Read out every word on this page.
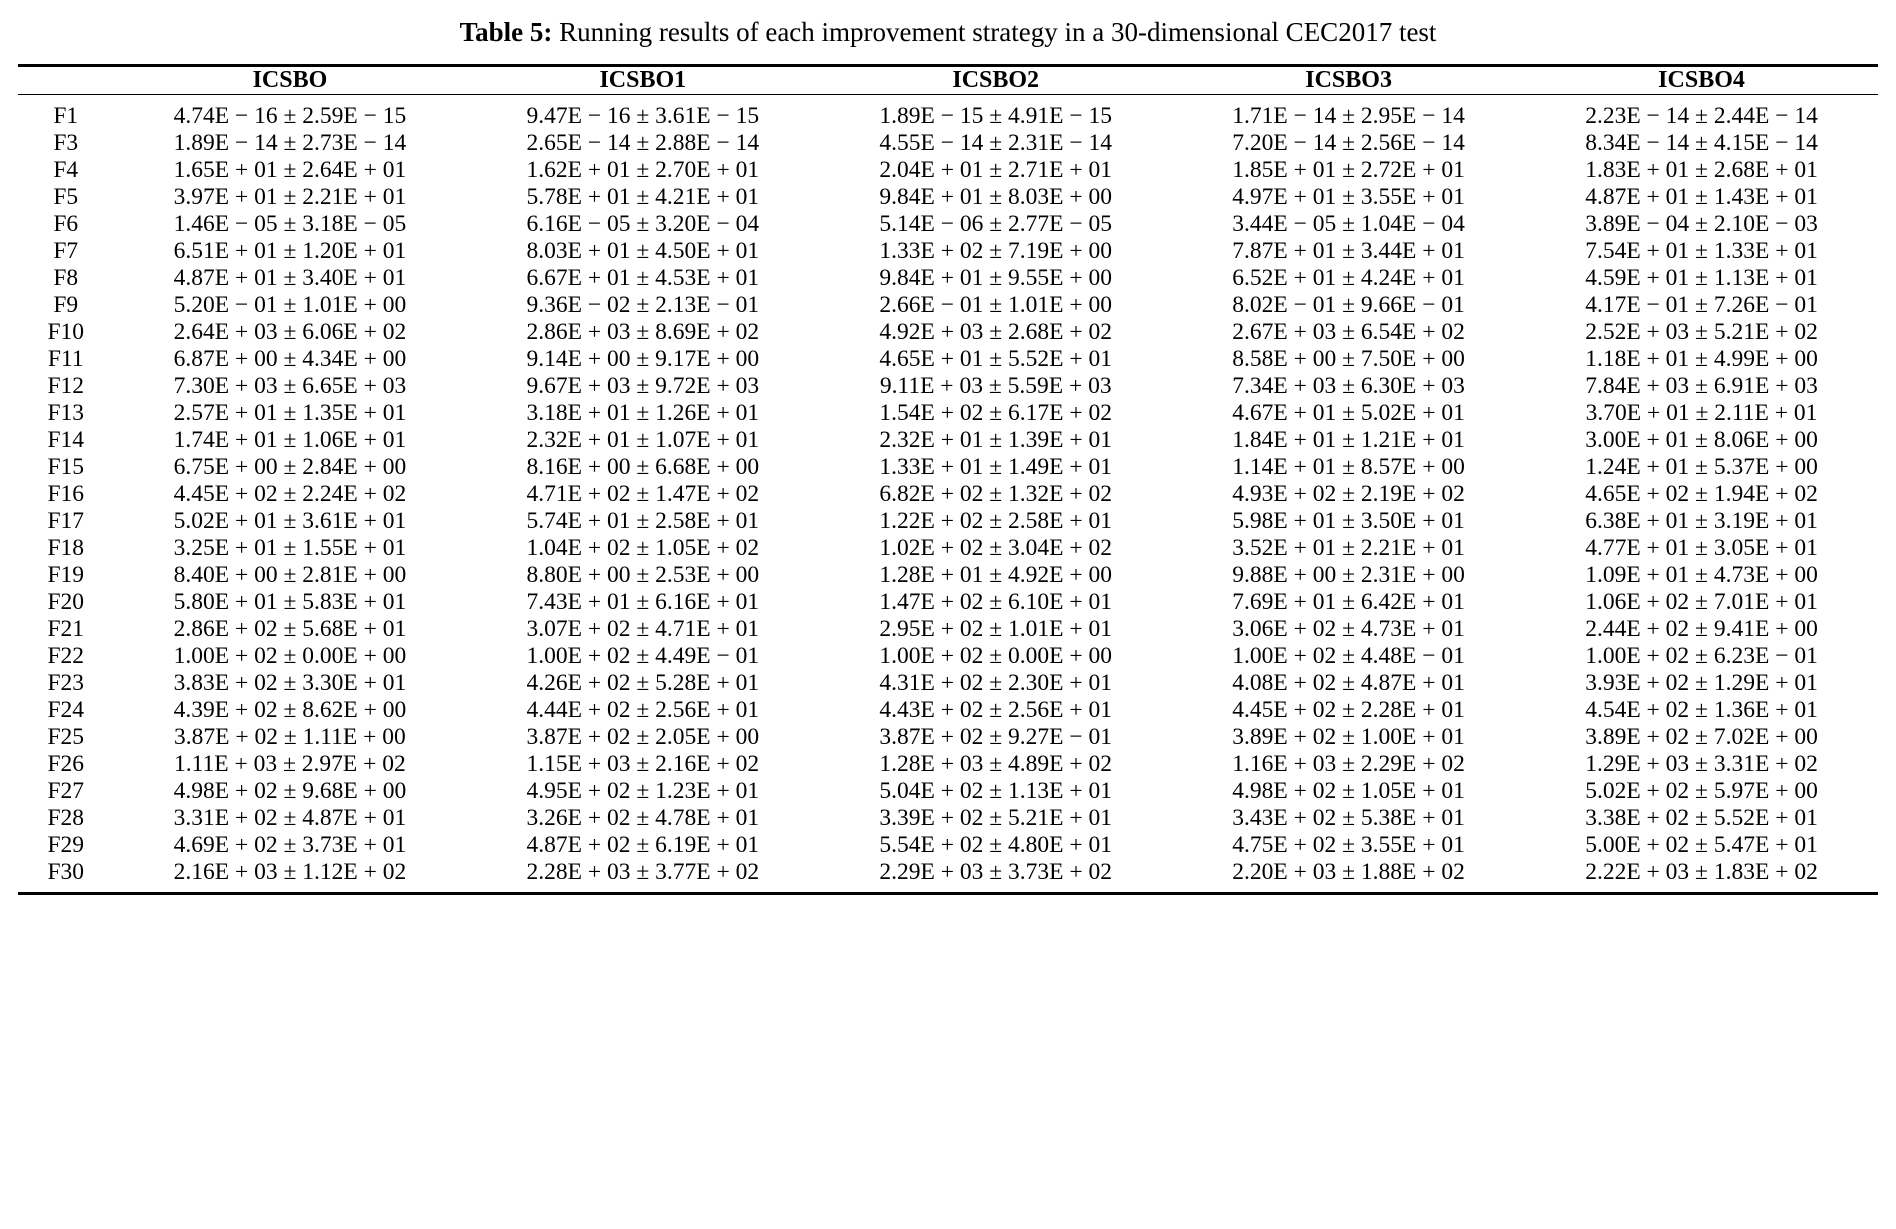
Table 5: Running results of each improvement strategy in a 30-dimensional CEC2017 test

	ICSBO	ICSBO1	ICSBO2	ICSBO3	ICSBO4

F1	4.74E − 16 ± 2.59E − 15	9.47E − 16 ± 3.61E − 15	1.89E − 15 ± 4.91E − 15	1.71E − 14 ± 2.95E − 14	2.23E − 14 ± 2.44E − 14
F3	1.89E − 14 ± 2.73E − 14	2.65E − 14 ± 2.88E − 14	4.55E − 14 ± 2.31E − 14	7.20E − 14 ± 2.56E − 14	8.34E − 14 ± 4.15E − 14
F4	1.65E + 01 ± 2.64E + 01	1.62E + 01 ± 2.70E + 01	2.04E + 01 ± 2.71E + 01	1.85E + 01 ± 2.72E + 01	1.83E + 01 ± 2.68E + 01
F5	3.97E + 01 ± 2.21E + 01	5.78E + 01 ± 4.21E + 01	9.84E + 01 ± 8.03E + 00	4.97E + 01 ± 3.55E + 01	4.87E + 01 ± 1.43E + 01
F6	1.46E − 05 ± 3.18E − 05	6.16E − 05 ± 3.20E − 04	5.14E − 06 ± 2.77E − 05	3.44E − 05 ± 1.04E − 04	3.89E − 04 ± 2.10E − 03
F7	6.51E + 01 ± 1.20E + 01	8.03E + 01 ± 4.50E + 01	1.33E + 02 ± 7.19E + 00	7.87E + 01 ± 3.44E + 01	7.54E + 01 ± 1.33E + 01
F8	4.87E + 01 ± 3.40E + 01	6.67E + 01 ± 4.53E + 01	9.84E + 01 ± 9.55E + 00	6.52E + 01 ± 4.24E + 01	4.59E + 01 ± 1.13E + 01
F9	5.20E − 01 ± 1.01E + 00	9.36E − 02 ± 2.13E − 01	2.66E − 01 ± 1.01E + 00	8.02E − 01 ± 9.66E − 01	4.17E − 01 ± 7.26E − 01
F10	2.64E + 03 ± 6.06E + 02	2.86E + 03 ± 8.69E + 02	4.92E + 03 ± 2.68E + 02	2.67E + 03 ± 6.54E + 02	2.52E + 03 ± 5.21E + 02
F11	6.87E + 00 ± 4.34E + 00	9.14E + 00 ± 9.17E + 00	4.65E + 01 ± 5.52E + 01	8.58E + 00 ± 7.50E + 00	1.18E + 01 ± 4.99E + 00
F12	7.30E + 03 ± 6.65E + 03	9.67E + 03 ± 9.72E + 03	9.11E + 03 ± 5.59E + 03	7.34E + 03 ± 6.30E + 03	7.84E + 03 ± 6.91E + 03
F13	2.57E + 01 ± 1.35E + 01	3.18E + 01 ± 1.26E + 01	1.54E + 02 ± 6.17E + 02	4.67E + 01 ± 5.02E + 01	3.70E + 01 ± 2.11E + 01
F14	1.74E + 01 ± 1.06E + 01	2.32E + 01 ± 1.07E + 01	2.32E + 01 ± 1.39E + 01	1.84E + 01 ± 1.21E + 01	3.00E + 01 ± 8.06E + 00
F15	6.75E + 00 ± 2.84E + 00	8.16E + 00 ± 6.68E + 00	1.33E + 01 ± 1.49E + 01	1.14E + 01 ± 8.57E + 00	1.24E + 01 ± 5.37E + 00
F16	4.45E + 02 ± 2.24E + 02	4.71E + 02 ± 1.47E + 02	6.82E + 02 ± 1.32E + 02	4.93E + 02 ± 2.19E + 02	4.65E + 02 ± 1.94E + 02
F17	5.02E + 01 ± 3.61E + 01	5.74E + 01 ± 2.58E + 01	1.22E + 02 ± 2.58E + 01	5.98E + 01 ± 3.50E + 01	6.38E + 01 ± 3.19E + 01
F18	3.25E + 01 ± 1.55E + 01	1.04E + 02 ± 1.05E + 02	1.02E + 02 ± 3.04E + 02	3.52E + 01 ± 2.21E + 01	4.77E + 01 ± 3.05E + 01
F19	8.40E + 00 ± 2.81E + 00	8.80E + 00 ± 2.53E + 00	1.28E + 01 ± 4.92E + 00	9.88E + 00 ± 2.31E + 00	1.09E + 01 ± 4.73E + 00
F20	5.80E + 01 ± 5.83E + 01	7.43E + 01 ± 6.16E + 01	1.47E + 02 ± 6.10E + 01	7.69E + 01 ± 6.42E + 01	1.06E + 02 ± 7.01E + 01
F21	2.86E + 02 ± 5.68E + 01	3.07E + 02 ± 4.71E + 01	2.95E + 02 ± 1.01E + 01	3.06E + 02 ± 4.73E + 01	2.44E + 02 ± 9.41E + 00
F22	1.00E + 02 ± 0.00E + 00	1.00E + 02 ± 4.49E − 01	1.00E + 02 ± 0.00E + 00	1.00E + 02 ± 4.48E − 01	1.00E + 02 ± 6.23E − 01
F23	3.83E + 02 ± 3.30E + 01	4.26E + 02 ± 5.28E + 01	4.31E + 02 ± 2.30E + 01	4.08E + 02 ± 4.87E + 01	3.93E + 02 ± 1.29E + 01
F24	4.39E + 02 ± 8.62E + 00	4.44E + 02 ± 2.56E + 01	4.43E + 02 ± 2.56E + 01	4.45E + 02 ± 2.28E + 01	4.54E + 02 ± 1.36E + 01
F25	3.87E + 02 ± 1.11E + 00	3.87E + 02 ± 2.05E + 00	3.87E + 02 ± 9.27E − 01	3.89E + 02 ± 1.00E + 01	3.89E + 02 ± 7.02E + 00
F26	1.11E + 03 ± 2.97E + 02	1.15E + 03 ± 2.16E + 02	1.28E + 03 ± 4.89E + 02	1.16E + 03 ± 2.29E + 02	1.29E + 03 ± 3.31E + 02
F27	4.98E + 02 ± 9.68E + 00	4.95E + 02 ± 1.23E + 01	5.04E + 02 ± 1.13E + 01	4.98E + 02 ± 1.05E + 01	5.02E + 02 ± 5.97E + 00
F28	3.31E + 02 ± 4.87E + 01	3.26E + 02 ± 4.78E + 01	3.39E + 02 ± 5.21E + 01	3.43E + 02 ± 5.38E + 01	3.38E + 02 ± 5.52E + 01
F29	4.69E + 02 ± 3.73E + 01	4.87E + 02 ± 6.19E + 01	5.54E + 02 ± 4.80E + 01	4.75E + 02 ± 3.55E + 01	5.00E + 02 ± 5.47E + 01
F30	2.16E + 03 ± 1.12E + 02	2.28E + 03 ± 3.77E + 02	2.29E + 03 ± 3.73E + 02	2.20E + 03 ± 1.88E + 02	2.22E + 03 ± 1.83E + 02
